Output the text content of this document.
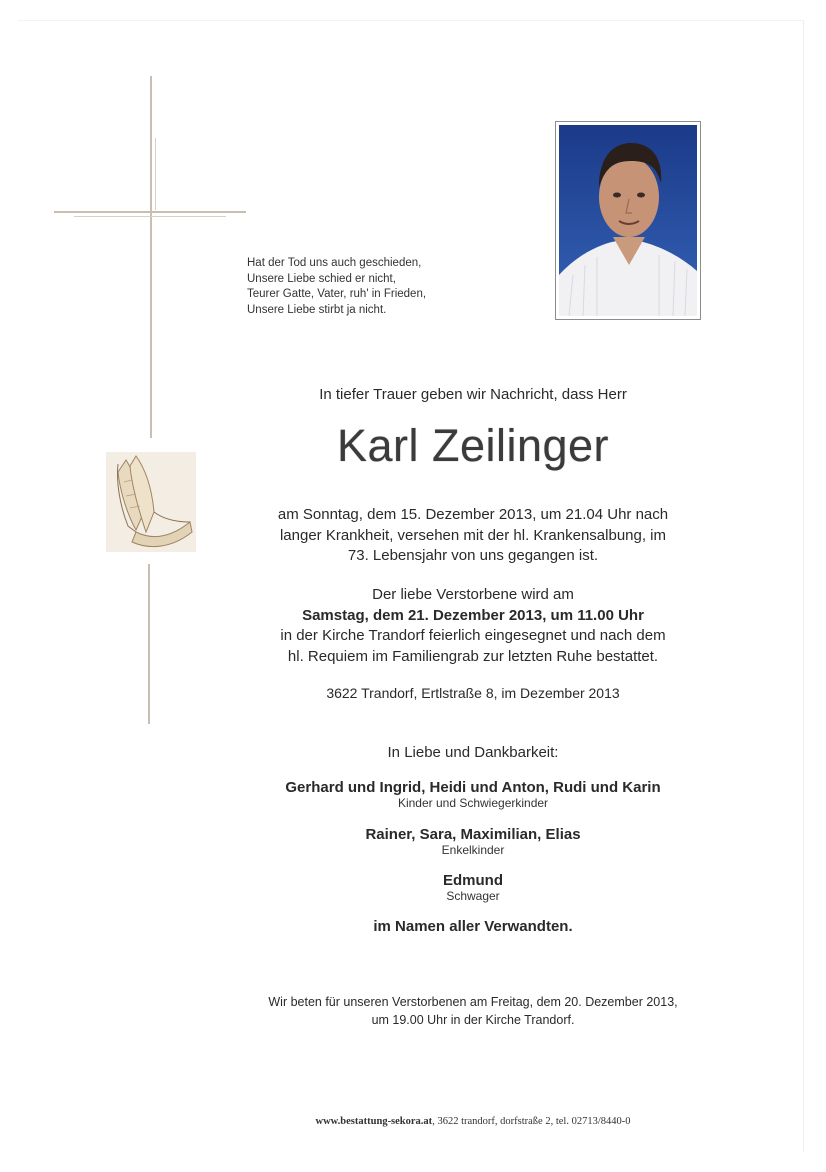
Hat der Tod uns auch geschieden,
Unsere Liebe schied er nicht,
Teurer Gatte, Vater, ruh' in Frieden,
Unsere Liebe stirbt ja nicht.
In tiefer Trauer geben wir Nachricht, dass Herr
Karl Zeilinger
am Sonntag, dem 15. Dezember 2013, um 21.04 Uhr nach
langer Krankheit, versehen mit der hl. Krankensalbung, im
73. Lebensjahr von uns gegangen ist.
Der liebe Verstorbene wird am
Samstag, dem 21. Dezember 2013, um 11.00 Uhr
in der Kirche Trandorf feierlich eingesegnet und nach dem
hl. Requiem im Familiengrab zur letzten Ruhe bestattet.
3622 Trandorf, Ertlstraße 8, im Dezember 2013
In Liebe und Dankbarkeit:
Gerhard und Ingrid, Heidi und Anton, Rudi und Karin
Kinder und Schwiegerkinder
Rainer, Sara, Maximilian, Elias
Enkelkinder
Edmund
Schwager
im Namen aller Verwandten.
Wir beten für unseren Verstorbenen am Freitag, dem 20. Dezember 2013,
um 19.00 Uhr in der Kirche Trandorf.
www.bestattung-sekora.at, 3622 trandorf, dorfstraße 2, tel. 02713/8440-0
